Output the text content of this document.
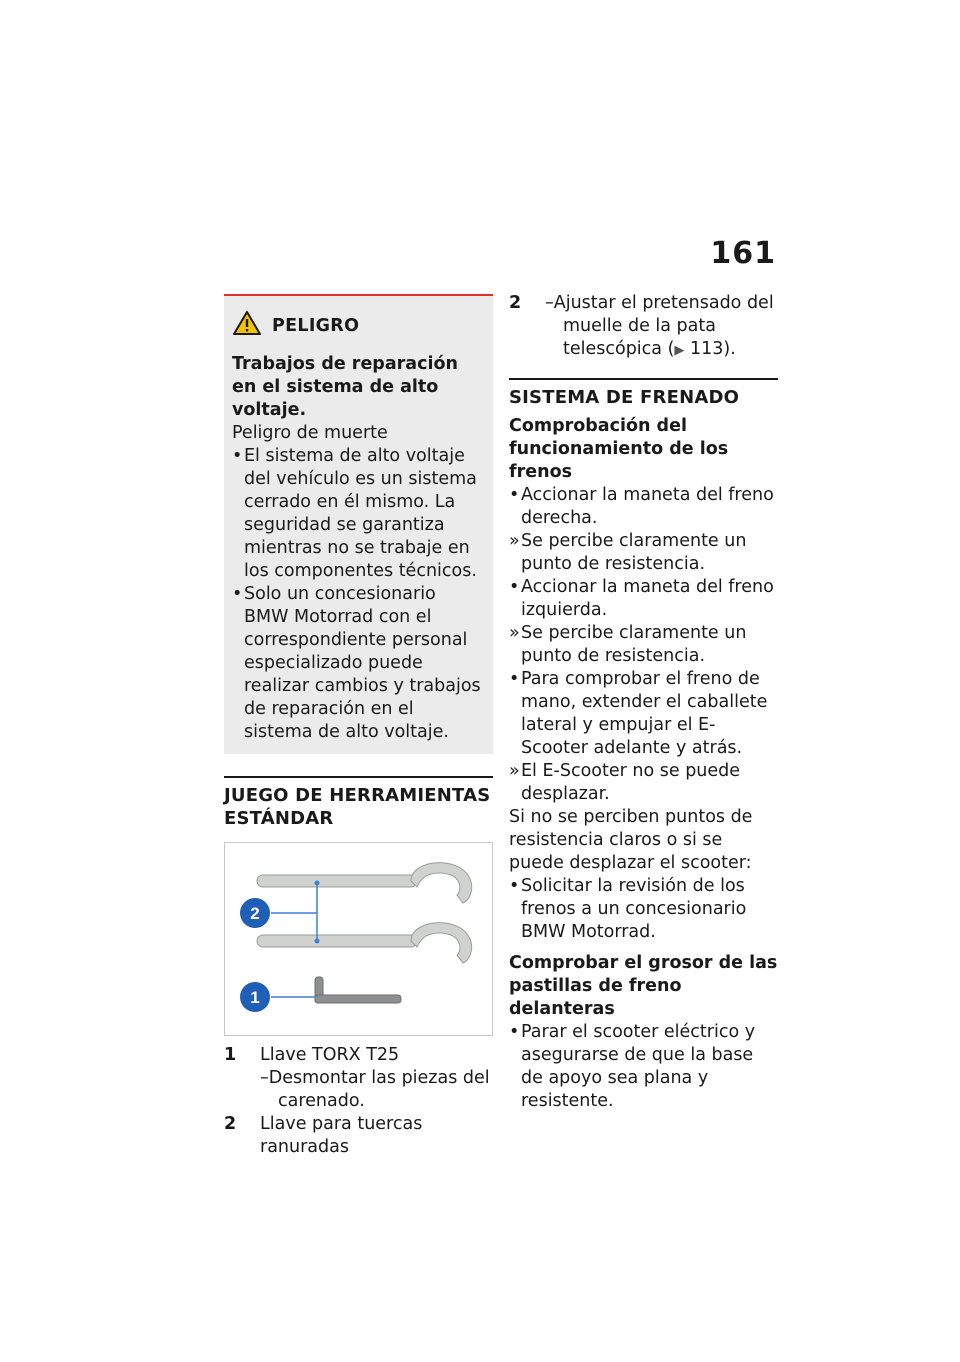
161
PELIGRO
Trabajos de reparación en el sistema de alto voltaje.
Peligro de muerte
• El sistema de alto voltaje del vehículo es un sistema cerrado en él mismo. La seguridad se garantiza mientras no se trabaje en los componentes técnicos.
• Solo un concesionario BMW Motorrad con el correspondiente personal especializado puede realizar cambios y trabajos de reparación en el sistema de alto voltaje.
JUEGO DE HERRAMIENTAS ESTÁNDAR
2
1
1	Llave TORX T25
–Desmontar las piezas del carenado.
2	Llave para tuercas ranuradas
2	–Ajustar el pretensado del muelle de la pata telescópica (▶ 113).
SISTEMA DE FRENADO
Comprobación del funcionamiento de los frenos
• Accionar la maneta del freno derecha.
» Se percibe claramente un punto de resistencia.
• Accionar la maneta del freno izquierda.
» Se percibe claramente un punto de resistencia.
• Para comprobar el freno de mano, extender el caballete lateral y empujar el E-Scooter adelante y atrás.
» El E-Scooter no se puede desplazar.
Si no se perciben puntos de resistencia claros o si se puede desplazar el scooter:
• Solicitar la revisión de los frenos a un concesionario BMW Motorrad.
Comprobar el grosor de las pastillas de freno delanteras
• Parar el scooter eléctrico y asegurarse de que la base de apoyo sea plana y resistente.
